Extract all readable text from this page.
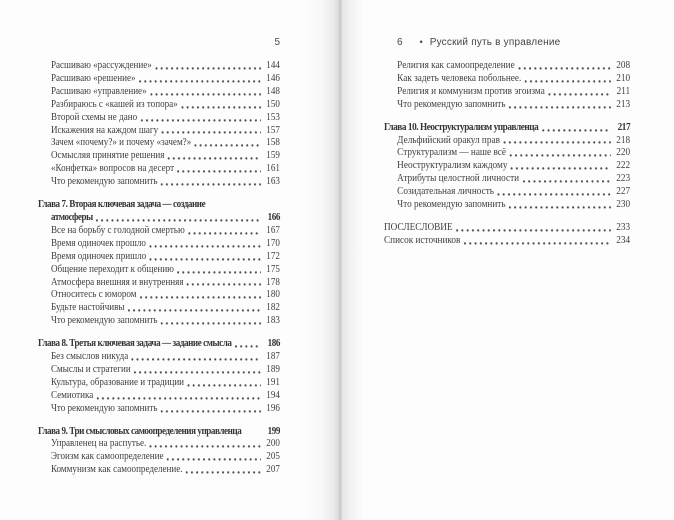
5
Расшиваю «рассуждение»	144
Расшиваю «решение»	146
Расшиваю «управление»	148
Разбираюсь с «кашей из топора»	150
Второй схемы не дано	153
Искажения на каждом шагу	157
Зачем «почему?» и почему «зачем?»	158
Осмысляя принятие решения	159
«Конфетка» вопросов на десерт	161
Что рекомендую запомнить	163
Глава 7. Вторая ключевая задача — создание
атмосферы	166
Все на борьбу с голодной смертью	167
Время одиночек прошло	170
Время одиночек пришло	172
Общение переходит к общению	175
Атмосфера внешняя и внутренняя	178
Относитесь с юмором	180
Будьте настойчивы	182
Что рекомендую запомнить	183
Глава 8. Третья ключевая задача — задание смысла	186
Без смыслов никуда	187
Смыслы и стратегии	189
Культура, образование и традиции	191
Семиотика	194
Что рекомендую запомнить	196
Глава 9. Три смысловых самоопределения управленца	199
Управленец на распутье.	200
Эгоизм как самоопределение	205
Коммунизм как самоопределение.	207
6 • Русский путь в управление
Религия как самоопределение	208
Как задеть человека побольнее.	210
Религия и коммунизм против эгоизма	211
Что рекомендую запомнить	213
Глава 10. Неоструктурализм управленца	217
Дельфийский оракул прав	218
Структурализм — наше всё	220
Неоструктурализм каждому	222
Атрибуты целостной личности	223
Созидательная личность	227
Что рекомендую запомнить	230
ПОСЛЕСЛОВИЕ	233
Список источников	234
